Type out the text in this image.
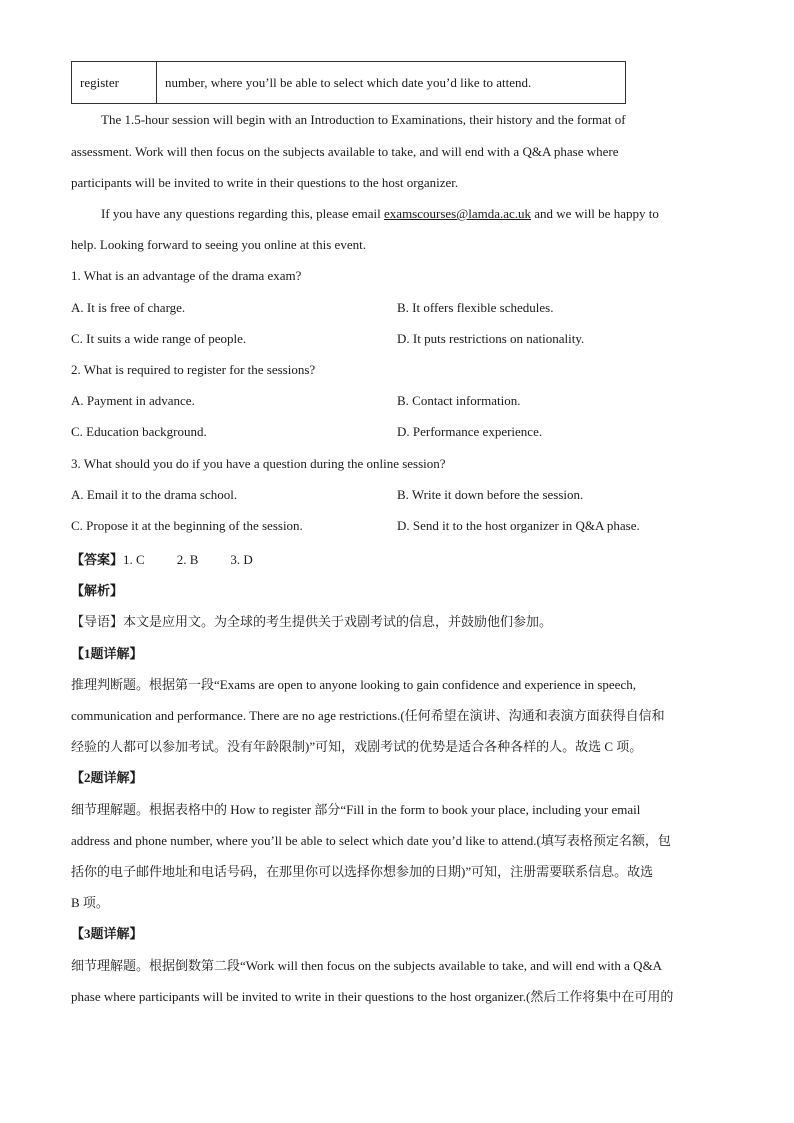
register	number, where you’ll be able to select which date you’d like to attend.
The 1.5-hour session will begin with an Introduction to Examinations, their history and the format of
assessment. Work will then focus on the subjects available to take, and will end with a Q&A phase where
participants will be invited to write in their questions to the host organizer.
If you have any questions regarding this, please email examscourses@lamda.ac.uk and we will be happy to
help. Looking forward to seeing you online at this event.
1. What is an advantage of the drama exam?
A. It is free of charge.	B. It offers flexible schedules.
C. It suits a wide range of people.	D. It puts restrictions on nationality.
2. What is required to register for the sessions?
A. Payment in advance.	B. Contact information.
C. Education background.	D. Performance experience.
3. What should you do if you have a question during the online session?
A. Email it to the drama school.	B. Write it down before the session.
C. Propose it at the beginning of the session.	D. Send it to the host organizer in Q&A phase.
【答案】1. C 2. B 3. D
【解析】
【导语】本文是应用文。为全球的考生提供关于戏剧考试的信息，并鼓励他们参加。
【1题详解】
推理判断题。根据第一段“Exams are open to anyone looking to gain confidence and experience in speech,
communication and performance. There are no age restrictions.(任何希望在演讲、沟通和表演方面获得自信和
经验的人都可以参加考试。没有年龄限制)”可知，戏剧考试的优势是适合各种各样的人。故选 C 项。
【2题详解】
细节理解题。根据表格中的 How to register 部分“Fill in the form to book your place, including your email
address and phone number, where you’ll be able to select which date you’d like to attend.(填写表格预定名额，包
括你的电子邮件地址和电话号码，在那里你可以选择你想参加的日期)”可知，注册需要联系信息。故选
B 项。
【3题详解】
细节理解题。根据倒数第二段“Work will then focus on the subjects available to take, and will end with a Q&A
phase where participants will be invited to write in their questions to the host organizer.(然后工作将集中在可用的
